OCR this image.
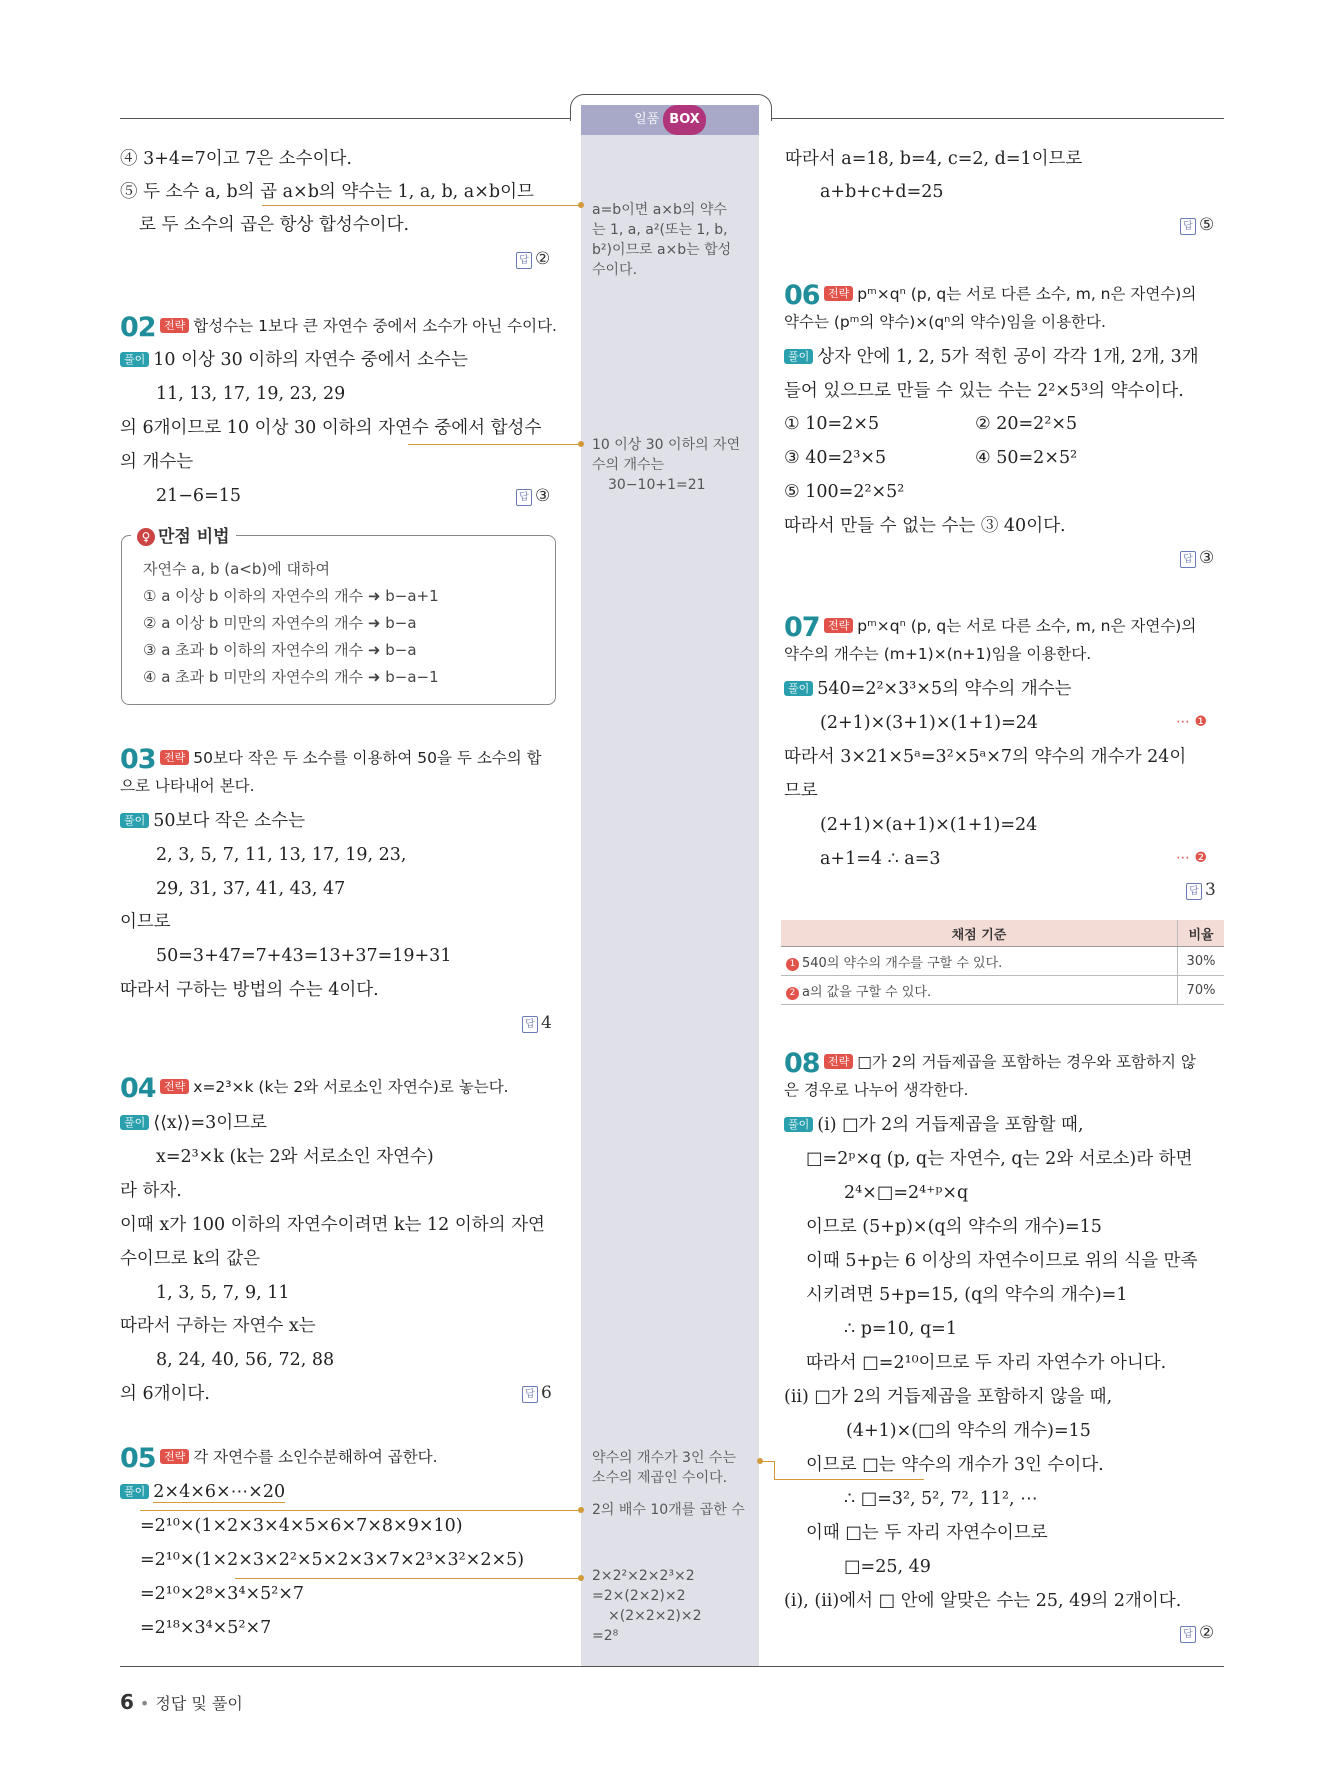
일품 BOX
④ 3+4=7이고 7은 소수이다.
⑤ 두 소수 a, b의 곱 a×b의 약수는 1, a, b, a×b이므
로 두 소수의 곱은 항상 합성수이다.
답 ②
02 전략 합성수는 1보다 큰 자연수 중에서 소수가 아닌 수이다.
풀이 10 이상 30 이하의 자연수 중에서 소수는
11, 13, 17, 19, 23, 29
의 6개이므로 10 이상 30 이하의 자연수 중에서 합성수
의 개수는
21−6=15	답 ③
♀ 만점 비법
자연수 a, b (a<b)에 대하여
① a 이상 b 이하의 자연수의 개수 ➜ b−a+1
② a 이상 b 미만의 자연수의 개수 ➜ b−a
③ a 초과 b 이하의 자연수의 개수 ➜ b−a
④ a 초과 b 미만의 자연수의 개수 ➜ b−a−1
03 전략 50보다 작은 두 소수를 이용하여 50을 두 소수의 합
으로 나타내어 본다.
풀이 50보다 작은 소수는
2, 3, 5, 7, 11, 13, 17, 19, 23,
29, 31, 37, 41, 43, 47
이므로
50=3+47=7+43=13+37=19+31
따라서 구하는 방법의 수는 4이다.
답 4
04 전략 x=2³×k (k는 2와 서로소인 자연수)로 놓는다.
풀이 ⟨⟨x⟩⟩=3이므로
x=2³×k (k는 2와 서로소인 자연수)
라 하자.
이때 x가 100 이하의 자연수이려면 k는 12 이하의 자연
수이므로 k의 값은
1, 3, 5, 7, 9, 11
따라서 구하는 자연수 x는
8, 24, 40, 56, 72, 88
의 6개이다.	답 6
05 전략 각 자연수를 소인수분해하여 곱한다.
풀이 2×4×6×⋯×20
=2¹⁰×(1×2×3×4×5×6×7×8×9×10)
=2¹⁰×(1×2×3×2²×5×2×3×7×2³×3²×2×5)
=2¹⁰×2⁸×3⁴×5²×7
=2¹⁸×3⁴×5²×7
a=b이면 a×b의 약수
는 1, a, a²(또는 1, b,
b²)이므로 a×b는 합성
수이다.
10 이상 30 이하의 자연
수의 개수는
30−10+1=21
약수의 개수가 3인 수는
소수의 제곱인 수이다.
2의 배수 10개를 곱한 수
2×2²×2×2³×2
=2×(2×2)×2
×(2×2×2)×2
=2⁸
따라서 a=18, b=4, c=2, d=1이므로
a+b+c+d=25
답 ⑤
06 전략 pᵐ×qⁿ (p, q는 서로 다른 소수, m, n은 자연수)의
약수는 (pᵐ의 약수)×(qⁿ의 약수)임을 이용한다.
풀이 상자 안에 1, 2, 5가 적힌 공이 각각 1개, 2개, 3개
들어 있으므로 만들 수 있는 수는 2²×5³의 약수이다.
① 10=2×5	② 20=2²×5
③ 40=2³×5	④ 50=2×5²
⑤ 100=2²×5²
따라서 만들 수 없는 수는 ③ 40이다.
답 ③
07 전략 pᵐ×qⁿ (p, q는 서로 다른 소수, m, n은 자연수)의
약수의 개수는 (m+1)×(n+1)임을 이용한다.
풀이 540=2²×3³×5의 약수의 개수는
(2+1)×(3+1)×(1+1)=24	⋯ ❶
따라서 3×21×5ᵃ=3²×5ᵃ×7의 약수의 개수가 24이
므로
(2+1)×(a+1)×(1+1)=24
a+1=4 ∴ a=3	⋯ ❷
답 3
채점 기준	비율
1 540의 약수의 개수를 구할 수 있다.	30%
2 a의 값을 구할 수 있다.	70%
08 전략 □가 2의 거듭제곱을 포함하는 경우와 포함하지 않
은 경우로 나누어 생각한다.
풀이 (i) □가 2의 거듭제곱을 포함할 때,
□=2ᵖ×q (p, q는 자연수, q는 2와 서로소)라 하면
2⁴×□=2⁴⁺ᵖ×q
이므로 (5+p)×(q의 약수의 개수)=15
이때 5+p는 6 이상의 자연수이므로 위의 식을 만족
시키려면 5+p=15, (q의 약수의 개수)=1
∴ p=10, q=1
따라서 □=2¹⁰이므로 두 자리 자연수가 아니다.
(ii) □가 2의 거듭제곱을 포함하지 않을 때,
(4+1)×(□의 약수의 개수)=15
이므로 □는 약수의 개수가 3인 수이다.
∴ □=3², 5², 7², 11², ⋯
이때 □는 두 자리 자연수이므로
□=25, 49
(i), (ii)에서 □ 안에 알맞은 수는 25, 49의 2개이다.
답 ②
6 • 정답 및 풀이
